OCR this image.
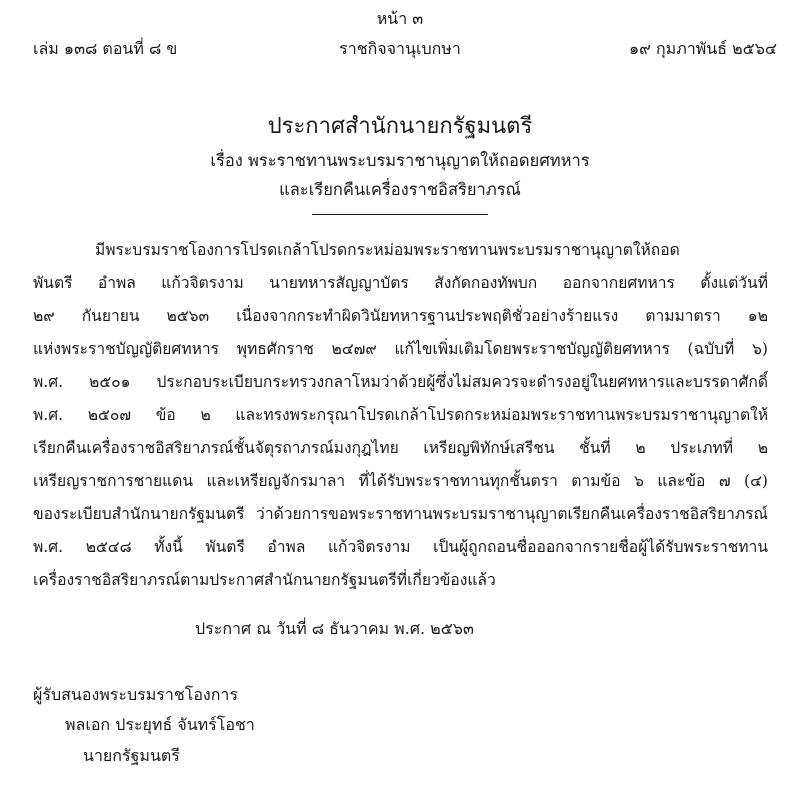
หน้า ๓
เล่ม ๑๓๘ ตอนที่ ๘ ข	ราชกิจจานุเบกษา	๑๙ กุมภาพันธ์ ๒๕๖๔
ประกาศสำนักนายกรัฐมนตรี
เรื่อง พระราชทานพระบรมราชานุญาตให้ถอดยศทหาร
และเรียกคืนเครื่องราชอิสริยาภรณ์
มีพระบรมราชโองการโปรดเกล้าโปรดกระหม่อมพระราชทานพระบรมราชานุญาตให้ถอด
พันตรี อำพล แก้วจิตรงาม นายทหารสัญญาบัตร สังกัดกองทัพบก ออกจากยศทหาร ตั้งแต่วันที่
๒๙ กันยายน ๒๕๖๓ เนื่องจากกระทำผิดวินัยทหารฐานประพฤติชั่วอย่างร้ายแรง ตามมาตรา ๑๒
แห่งพระราชบัญญัติยศทหาร พุทธศักราช ๒๔๗๙ แก้ไขเพิ่มเติมโดยพระราชบัญญัติยศทหาร (ฉบับที่ ๖)
พ.ศ. ๒๕๐๑ ประกอบระเบียบกระทรวงกลาโหมว่าด้วยผู้ซึ่งไม่สมควรจะดำรงอยู่ในยศทหารและบรรดาศักดิ์
พ.ศ. ๒๕๐๗ ข้อ ๒ และทรงพระกรุณาโปรดเกล้าโปรดกระหม่อมพระราชทานพระบรมราชานุญาตให้
เรียกคืนเครื่องราชอิสริยาภรณ์ชั้นจัตุรถาภรณ์มงกุฎไทย เหรียญพิทักษ์เสรีชน ชั้นที่ ๒ ประเภทที่ ๒
เหรียญราชการชายแดน และเหรียญจักรมาลา ที่ได้รับพระราชทานทุกชั้นตรา ตามข้อ ๖ และข้อ ๗ (๔)
ของระเบียบสำนักนายกรัฐมนตรี ว่าด้วยการขอพระราชทานพระบรมราชานุญาตเรียกคืนเครื่องราชอิสริยาภรณ์
พ.ศ. ๒๕๔๘ ทั้งนี้ พันตรี อำพล แก้วจิตรงาม เป็นผู้ถูกถอนชื่อออกจากรายชื่อผู้ได้รับพระราชทาน
เครื่องราชอิสริยาภรณ์ตามประกาศสำนักนายกรัฐมนตรีที่เกี่ยวข้องแล้ว
ประกาศ ณ วันที่ ๘ ธันวาคม พ.ศ. ๒๕๖๓
ผู้รับสนองพระบรมราชโองการ
พลเอก ประยุทธ์ จันทร์โอชา
นายกรัฐมนตรี
